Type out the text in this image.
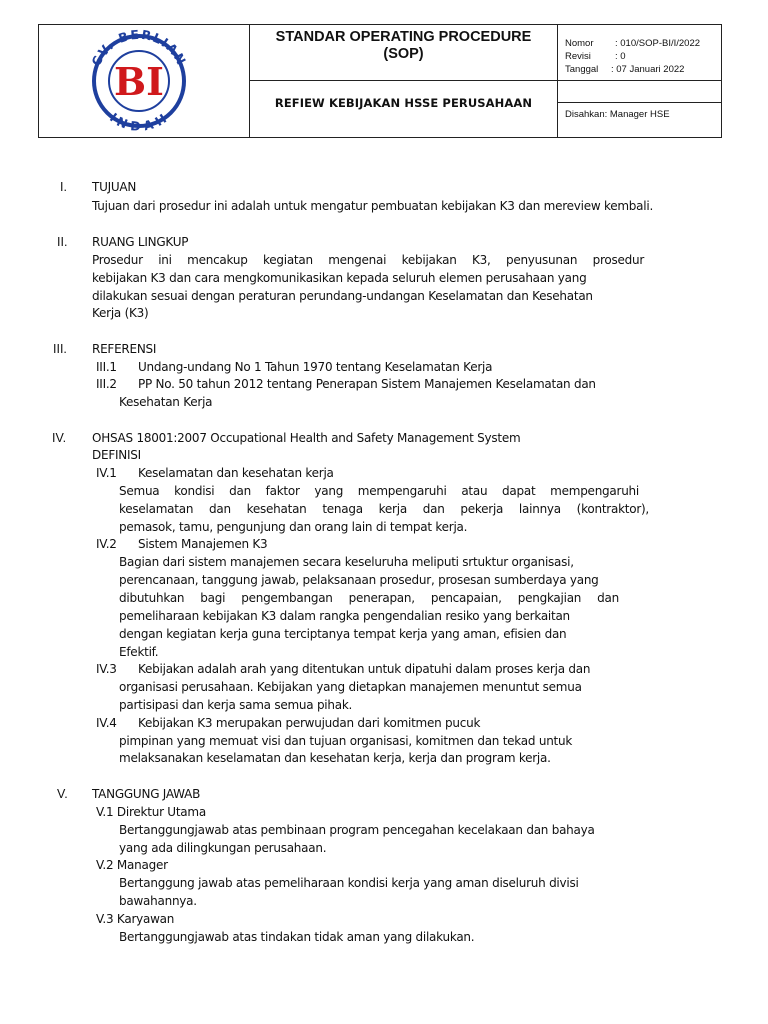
CV. BERLIAN
INDAH
BI
STANDAR OPERATING PROCEDURE
(SOP)
REFIEW KEBIJAKAN HSSE PERUSAHAAN
Nomor	: 010/SOP-BI/I/2022
Revisi	: 0
Tanggal	: 07 Januari 2022
Disahkan: Manager HSE
I. TUJUAN
Tujuan dari prosedur ini adalah untuk mengatur pembuatan kebijakan K3 dan mereview kembali.
II. RUANG LINGKUP
Prosedur ini mencakup kegiatan mengenai kebijakan K3, penyusunan prosedur
kebijakan K3 dan cara mengkomunikasikan kepada seluruh elemen perusahaan yang
dilakukan sesuai dengan peraturan perundang-undangan Keselamatan dan Kesehatan
Kerja (K3)
III. REFERENSI
III.1 Undang-undang No 1 Tahun 1970 tentang Keselamatan Kerja
III.2 PP No. 50 tahun 2012 tentang Penerapan Sistem Manajemen Keselamatan dan
Kesehatan Kerja
IV. OHSAS 18001:2007 Occupational Health and Safety Management System
DEFINISI
IV.1 Keselamatan dan kesehatan kerja
Semua kondisi dan faktor yang mempengaruhi atau dapat mempengaruhi
keselamatan dan kesehatan tenaga kerja dan pekerja lainnya (kontraktor),
pemasok, tamu, pengunjung dan orang lain di tempat kerja.
IV.2 Sistem Manajemen K3
Bagian dari sistem manajemen secara keseluruha meliputi srtuktur organisasi,
perencanaan, tanggung jawab, pelaksanaan prosedur, prosesan sumberdaya yang
dibutuhkan bagi pengembangan penerapan, pencapaian, pengkajian dan
pemeliharaan kebijakan K3 dalam rangka pengendalian resiko yang berkaitan
dengan kegiatan kerja guna terciptanya tempat kerja yang aman, efisien dan
Efektif.
IV.3 Kebijakan adalah arah yang ditentukan untuk dipatuhi dalam proses kerja dan
organisasi perusahaan. Kebijakan yang dietapkan manajemen menuntut semua
partisipasi dan kerja sama semua pihak.
IV.4 Kebijakan K3 merupakan perwujudan dari komitmen pucuk
pimpinan yang memuat visi dan tujuan organisasi, komitmen dan tekad untuk
melaksanakan keselamatan dan kesehatan kerja, kerja dan program kerja.
V. TANGGUNG JAWAB
V.1 Direktur Utama
Bertanggungjawab atas pembinaan program pencegahan kecelakaan dan bahaya
yang ada dilingkungan perusahaan.
V.2 Manager
Bertanggung jawab atas pemeliharaan kondisi kerja yang aman diseluruh divisi
bawahannya.
V.3 Karyawan
Bertanggungjawab atas tindakan tidak aman yang dilakukan.
